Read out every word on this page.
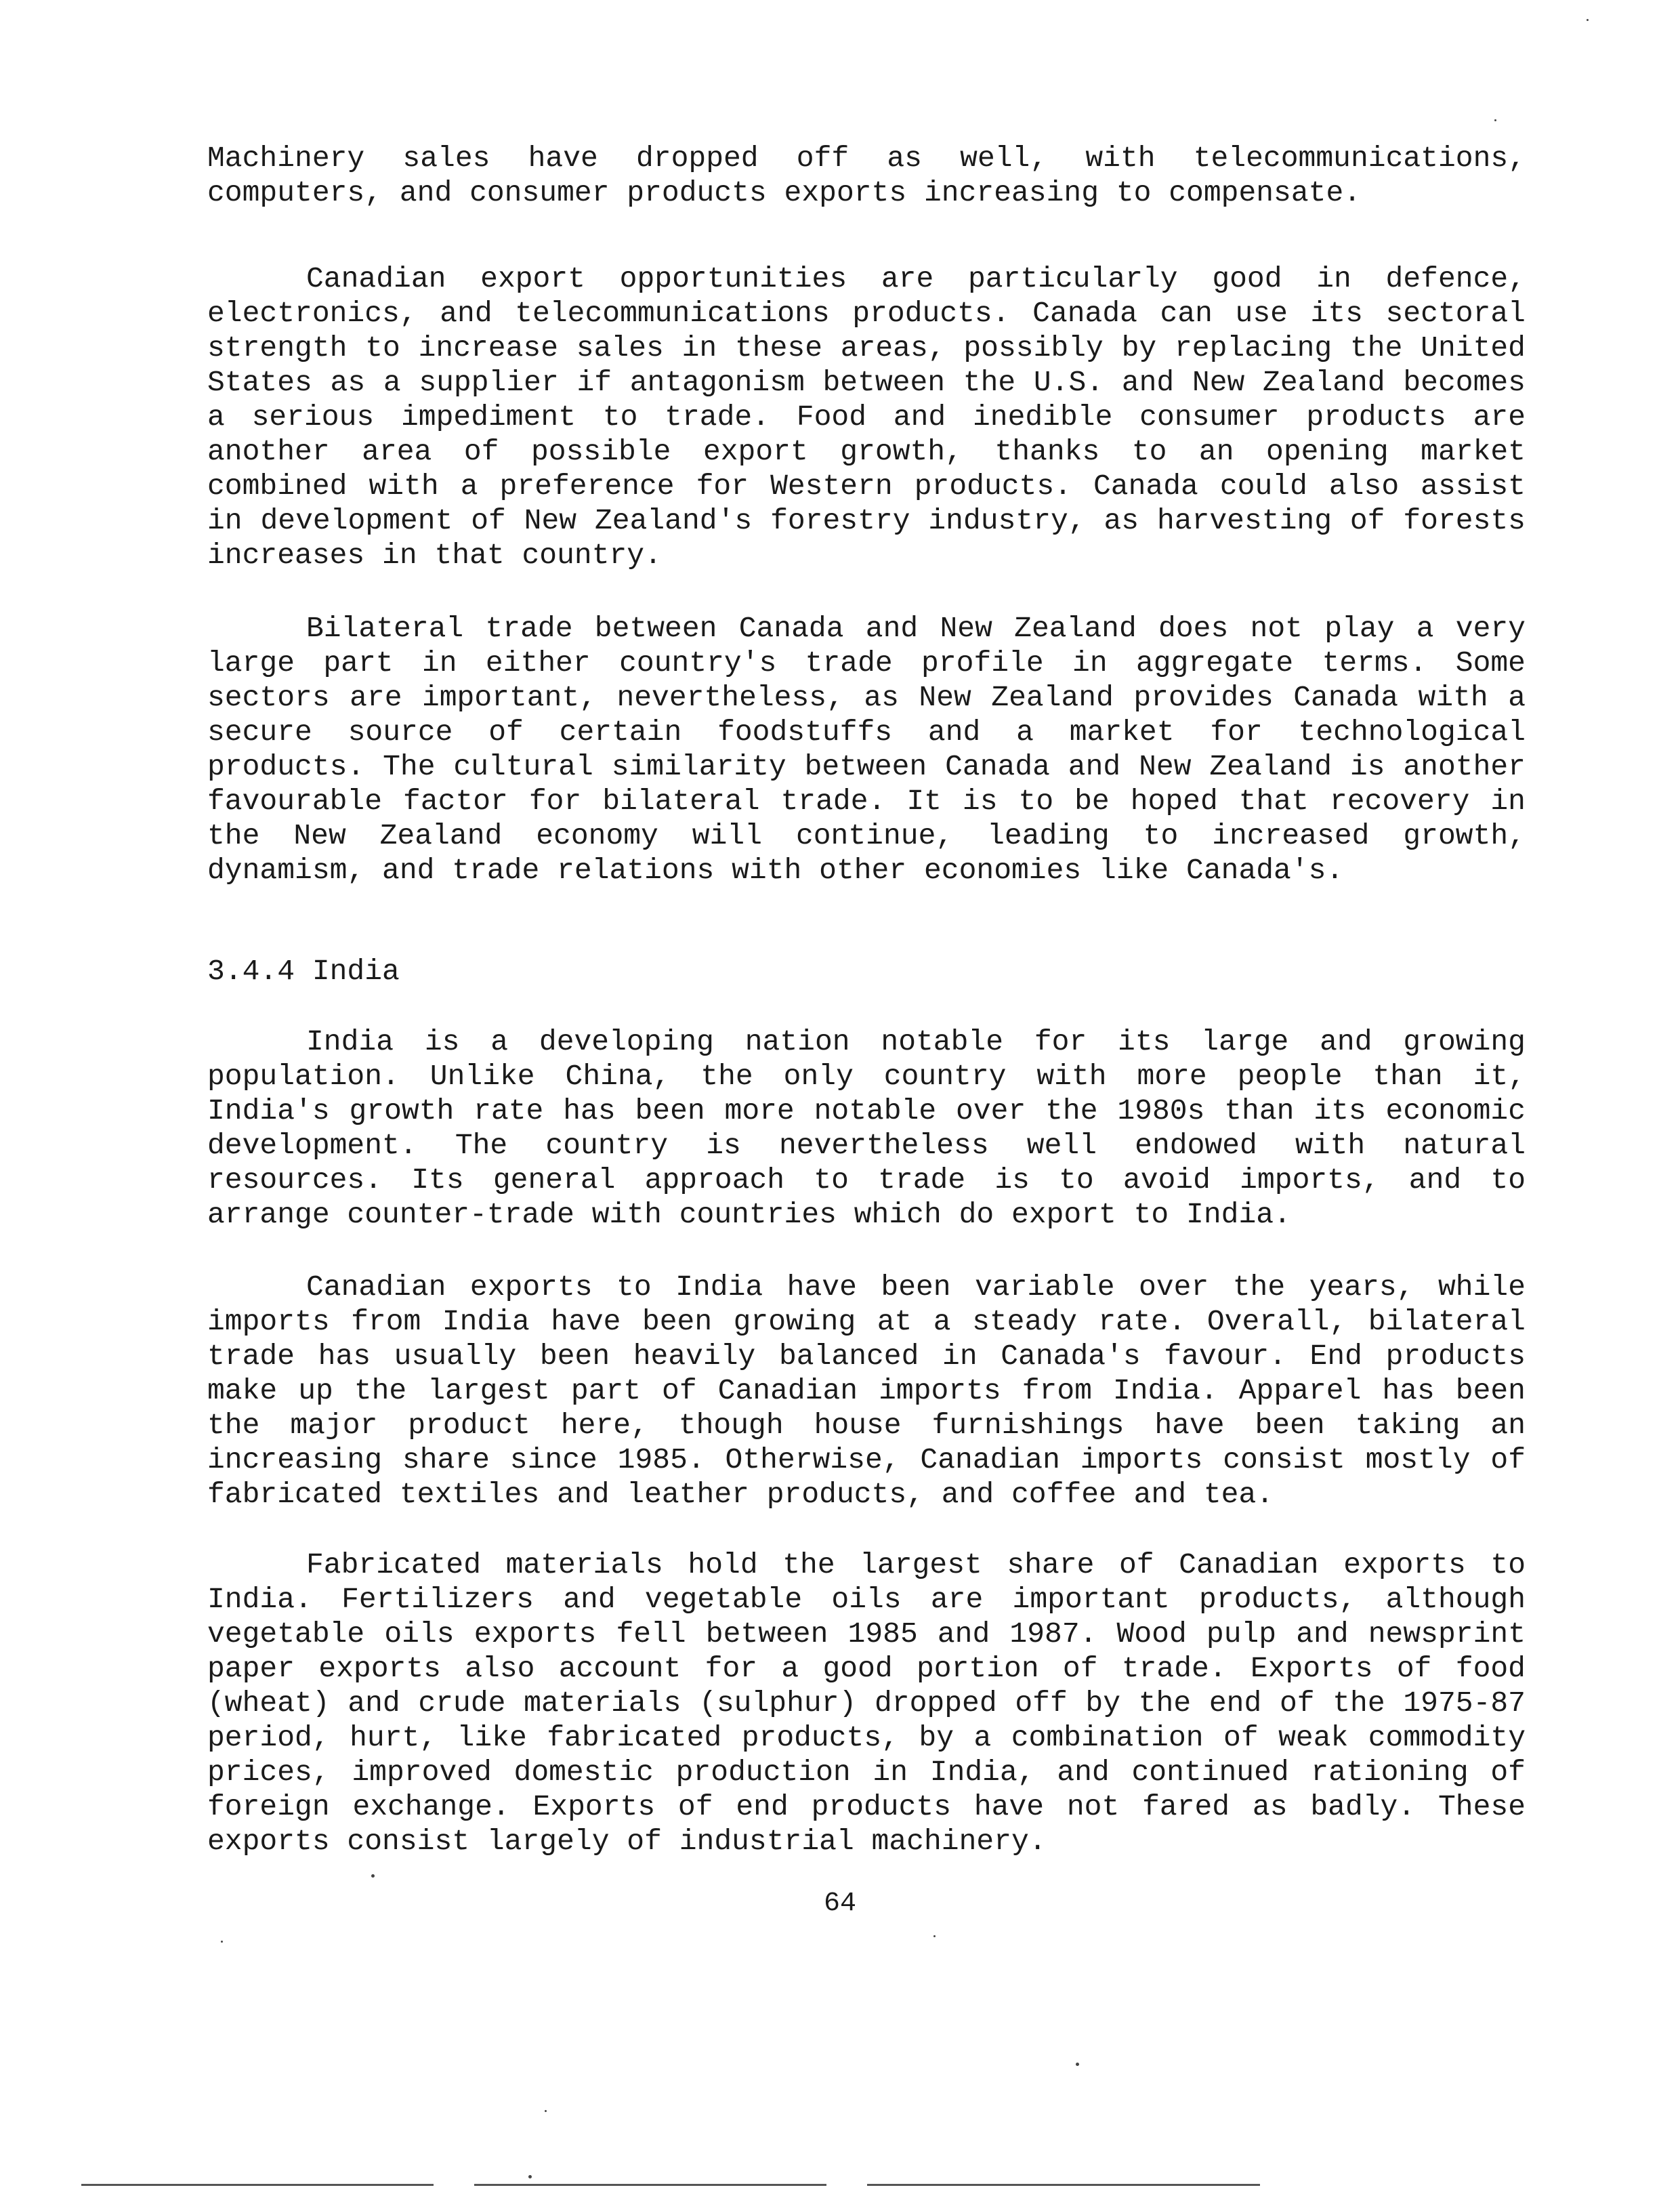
Machinery sales have dropped off as well, with telecommunications, computers, and consumer products exports increasing to compensate.

Canadian export opportunities are particularly good in defence, electronics, and telecommunications products. Canada can use its sectoral strength to increase sales in these areas, possibly by replacing the United States as a supplier if antagonism between the U.S. and New Zealand becomes a serious impediment to trade. Food and inedible consumer products are another area of possible export growth, thanks to an opening market combined with a preference for Western products. Canada could also assist in development of New Zealand's forestry industry, as harvesting of forests increases in that country.

Bilateral trade between Canada and New Zealand does not play a very large part in either country's trade profile in aggregate terms. Some sectors are important, nevertheless, as New Zealand provides Canada with a secure source of certain foodstuffs and a market for technological products. The cultural similarity between Canada and New Zealand is another favourable factor for bilateral trade. It is to be hoped that recovery in the New Zealand economy will continue, leading to increased growth, dynamism, and trade relations with other economies like Canada's.

3.4.4 India

India is a developing nation notable for its large and growing population. Unlike China, the only country with more people than it, India's growth rate has been more notable over the 1980s than its economic development. The country is nevertheless well endowed with natural resources. Its general approach to trade is to avoid imports, and to arrange counter-trade with countries which do export to India.

Canadian exports to India have been variable over the years, while imports from India have been growing at a steady rate. Overall, bilateral trade has usually been heavily balanced in Canada's favour. End products make up the largest part of Canadian imports from India. Apparel has been the major product here, though house furnishings have been taking an increasing share since 1985. Otherwise, Canadian imports consist mostly of fabricated textiles and leather products, and coffee and tea.

Fabricated materials hold the largest share of Canadian exports to India. Fertilizers and vegetable oils are important products, although vegetable oils exports fell between 1985 and 1987. Wood pulp and newsprint paper exports also account for a good portion of trade. Exports of food (wheat) and crude materials (sulphur) dropped off by the end of the 1975-87 period, hurt, like fabricated products, by a combination of weak commodity prices, improved domestic production in India, and continued rationing of foreign exchange. Exports of end products have not fared as badly. These exports consist largely of industrial machinery.

64
